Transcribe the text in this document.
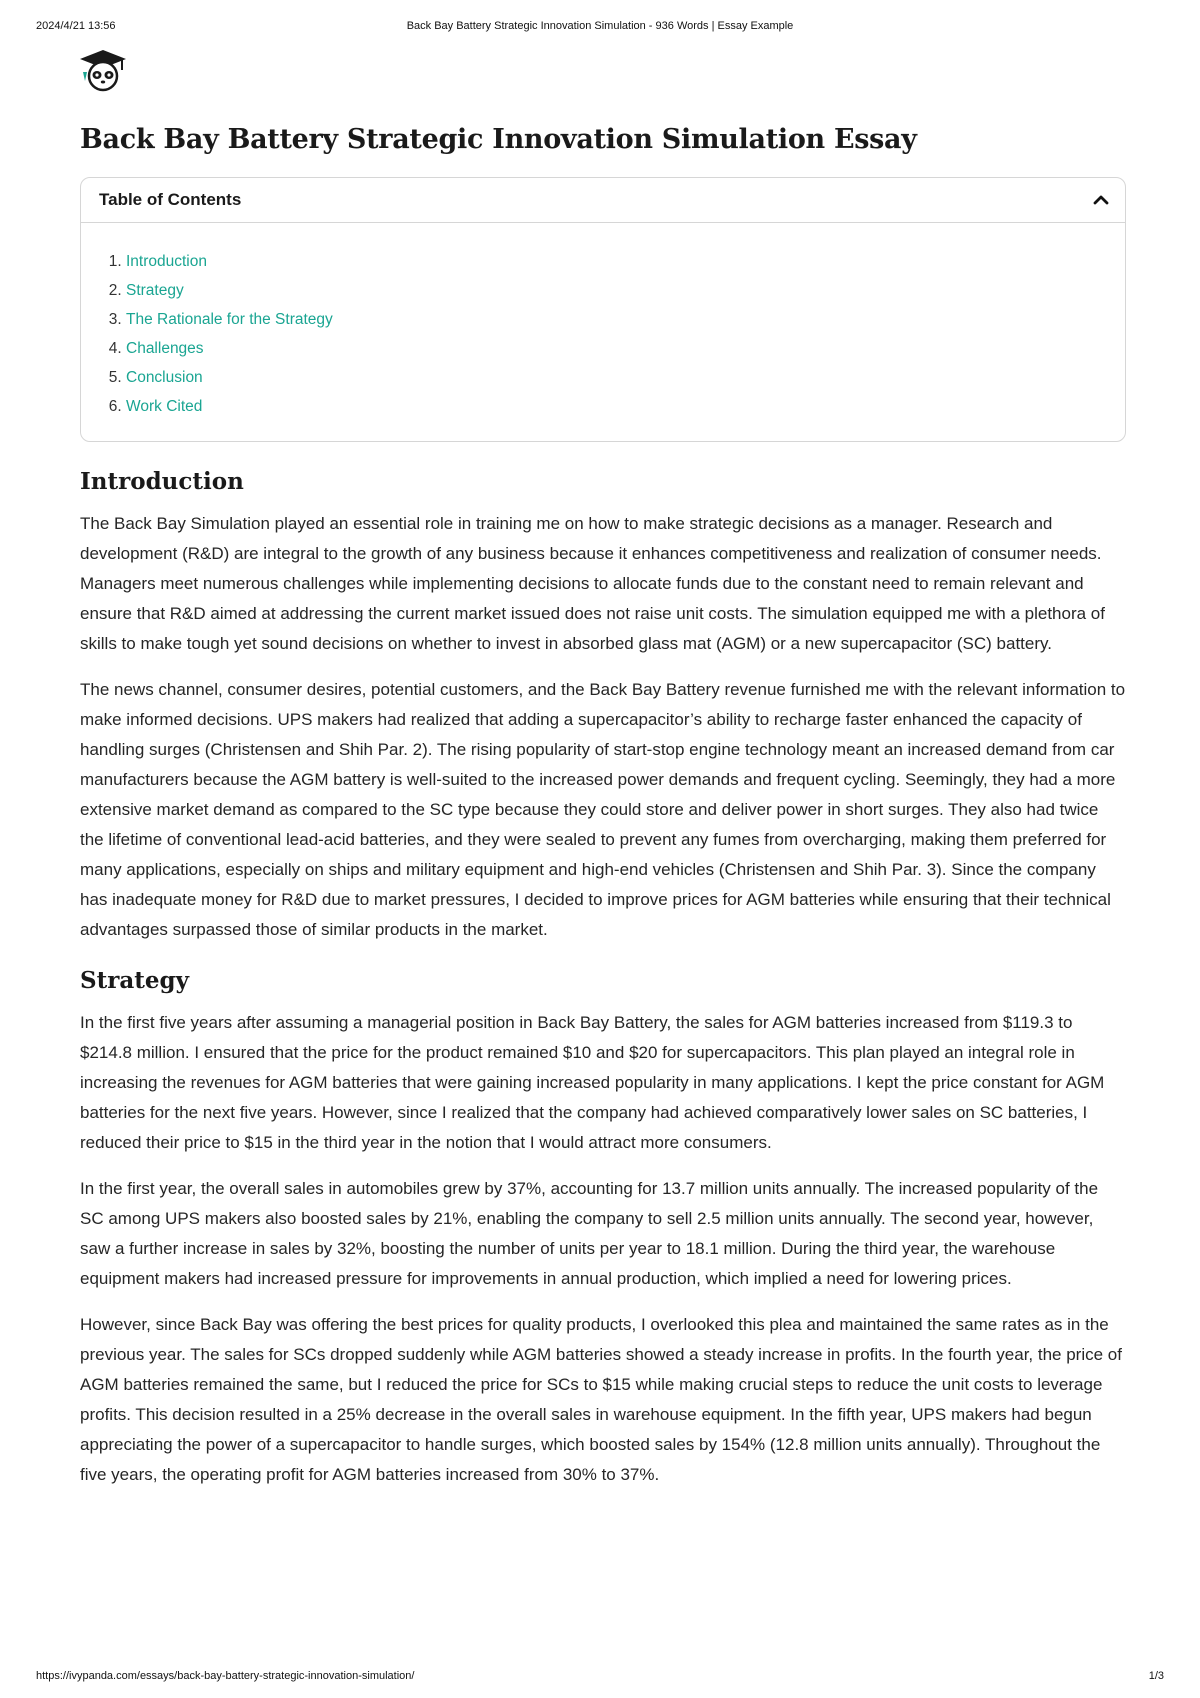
2024/4/21 13:56	Back Bay Battery Strategic Innovation Simulation - 936 Words | Essay Example
Back Bay Battery Strategic Innovation Simulation Essay
Table of Contents
1. Introduction
2. Strategy
3. The Rationale for the Strategy
4. Challenges
5. Conclusion
6. Work Cited
Introduction

The Back Bay Simulation played an essential role in training me on how to make strategic decisions as a manager. Research and development (R&D) are integral to the growth of any business because it enhances competitiveness and realization of consumer needs. Managers meet numerous challenges while implementing decisions to allocate funds due to the constant need to remain relevant and ensure that R&D aimed at addressing the current market issued does not raise unit costs. The simulation equipped me with a plethora of skills to make tough yet sound decisions on whether to invest in absorbed glass mat (AGM) or a new supercapacitor (SC) battery.

The news channel, consumer desires, potential customers, and the Back Bay Battery revenue furnished me with the relevant information to make informed decisions. UPS makers had realized that adding a supercapacitor’s ability to recharge faster enhanced the capacity of handling surges (Christensen and Shih Par. 2). The rising popularity of start-stop engine technology meant an increased demand from car manufacturers because the AGM battery is well-suited to the increased power demands and frequent cycling. Seemingly, they had a more extensive market demand as compared to the SC type because they could store and deliver power in short surges. They also had twice the lifetime of conventional lead-acid batteries, and they were sealed to prevent any fumes from overcharging, making them preferred for many applications, especially on ships and military equipment and high-end vehicles (Christensen and Shih Par. 3). Since the company has inadequate money for R&D due to market pressures, I decided to improve prices for AGM batteries while ensuring that their technical advantages surpassed those of similar products in the market.

Strategy

In the first five years after assuming a managerial position in Back Bay Battery, the sales for AGM batteries increased from $119.3 to $214.8 million. I ensured that the price for the product remained $10 and $20 for supercapacitors. This plan played an integral role in increasing the revenues for AGM batteries that were gaining increased popularity in many applications. I kept the price constant for AGM batteries for the next five years. However, since I realized that the company had achieved comparatively lower sales on SC batteries, I reduced their price to $15 in the third year in the notion that I would attract more consumers.

In the first year, the overall sales in automobiles grew by 37%, accounting for 13.7 million units annually. The increased popularity of the SC among UPS makers also boosted sales by 21%, enabling the company to sell 2.5 million units annually. The second year, however, saw a further increase in sales by 32%, boosting the number of units per year to 18.1 million. During the third year, the warehouse equipment makers had increased pressure for improvements in annual production, which implied a need for lowering prices.

However, since Back Bay was offering the best prices for quality products, I overlooked this plea and maintained the same rates as in the previous year. The sales for SCs dropped suddenly while AGM batteries showed a steady increase in profits. In the fourth year, the price of AGM batteries remained the same, but I reduced the price for SCs to $15 while making crucial steps to reduce the unit costs to leverage profits. This decision resulted in a 25% decrease in the overall sales in warehouse equipment. In the fifth year, UPS makers had begun appreciating the power of a supercapacitor to handle surges, which boosted sales by 154% (12.8 million units annually). Throughout the five years, the operating profit for AGM batteries increased from 30% to 37%.

https://ivypanda.com/essays/back-bay-battery-strategic-innovation-simulation/	1/3
